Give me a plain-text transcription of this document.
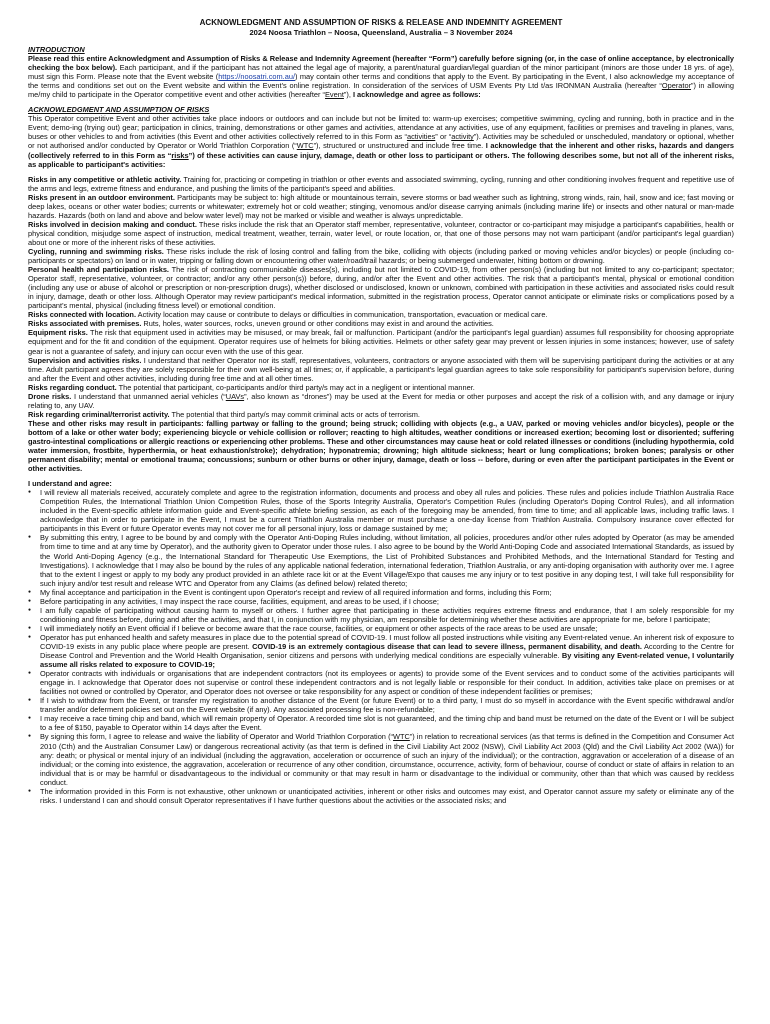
ACKNOWLEDGMENT AND ASSUMPTION OF RISKS & RELEASE AND INDEMNITY AGREEMENT
2024 Noosa Triathlon – Noosa, Queensland, Australia – 3 November 2024
INTRODUCTION

Please read this entire Acknowledgment and Assumption of Risks & Release and Indemnity Agreement (hereafter “Form”) carefully before signing (or, in the case of online acceptance, by electronically checking the box below). Each participant, and if the participant has not attained the legal age of majority, a parent/natural guardian/legal guardian of the minor participant (minors are those under 18 yrs. of age), must sign this Form. Please note that the Event website (https://noosatri.com.au/) may contain other terms and conditions that apply to the Event. By participating in the Event, I also acknowledge my acceptance of the terms and conditions set out on the Event website and within the Event's online registration. In consideration of the services of USM Events Pty Ltd t/as IRONMAN Australia (hereafter “Operator”) in allowing me/my child to participate in the Operator competitive event and other activities (hereafter “Event”), I acknowledge and agree as follows:

ACKNOWLEDGMENT AND ASSUMPTION OF RISKS

This Operator competitive Event and other activities take place indoors or outdoors and can include but not be limited to: warm-up exercises; competitive swimming, cycling and running, both in practice and in the Event; demo-ing (trying out) gear; participation in clinics, training, demonstrations or other games and activities, attendance at any activities, use of any equipment, facilities or premises and traveling in planes, vans, buses or other vehicles to and from activities (this Event and other activities collectively referred to in this Form as “activities” or “activity”). Activities may be scheduled or unscheduled, mandatory or optional, whether or not authorised and/or conducted by Operator or World Triathlon Corporation (“WTC”), structured or unstructured and include free time. I acknowledge that the inherent and other risks, hazards and dangers (collectively referred to in this Form as “risks”) of these activities can cause injury, damage, death or other loss to participant or others. The following describes some, but not all of the inherent risks, as applicable to participant's activities:

Risks in any competitive or athletic activity. Training for, practicing or competing in triathlon or other events and associated swimming, cycling, running and other conditioning involves frequent and repetitive use of the arms and legs, extreme fitness and endurance, and pushing the limits of the participant's speed and abilities.

Risks present in an outdoor environment. Participants may be subject to: high altitude or mountainous terrain, severe storms or bad weather such as lightning, strong winds, rain, hail, snow and ice; fast moving or deep lakes, oceans or other water bodies; currents or whitewater; extremely hot or cold weather; stinging, venomous and/or disease carrying animals (including marine life) or insects and other natural or man-made hazards. Hazards (both on land and above and below water level) may not be marked or visible and weather is always unpredictable.

Risks involved in decision making and conduct. These risks include the risk that an Operator staff member, representative, volunteer, contractor or co-participant may misjudge a participant's capabilities, health or physical condition, misjudge some aspect of instruction, medical treatment, weather, terrain, water level, or route location, or, that one of those persons may not warn participant (and/or participant's legal guardian) about one or more of the inherent risks of these activities.

Cycling, running and swimming risks. These risks include the risk of losing control and falling from the bike, colliding with objects (including parked or moving vehicles and/or bicycles) or people (including co-participants or spectators) on land or in water, tripping or falling down or encountering other water/road/trail hazards; or being submerged underwater, hitting bottom or drowning.

Personal health and participation risks. The risk of contracting communicable diseases(s), including but not limited to COVID-19, from other person(s) (including but not limited to any co-participant; spectator; Operator staff, representative, volunteer, or contractor; and/or any other person(s)) before, during, and/or after the Event and other activities. The risk that a participant's mental, physical or emotional condition (including any use or abuse of alcohol or prescription or non-prescription drugs), whether disclosed or undisclosed, known or unknown, combined with participation in these activities and associated risks could result in injury, damage, death or other loss. Although Operator may review participant's medical information, submitted in the registration process, Operator cannot anticipate or eliminate risks or complications posed by a participant's mental, physical (including fitness level) or emotional condition.

Risks connected with location. Activity location may cause or contribute to delays or difficulties in communication, transportation, evacuation or medical care.

Risks associated with premises. Ruts, holes, water sources, rocks, uneven ground or other conditions may exist in and around the activities.

Equipment risks. The risk that equipment used in activities may be misused, or may break, fail or malfunction. Participant (and/or the participant's legal guardian) assumes full responsibility for choosing appropriate equipment and for the fit and condition of the equipment. Operator requires use of helmets for biking activities. Helmets or other safety gear may prevent or lessen injuries in some instances; however, use of safety gear is not a guarantee of safety, and injury can occur even with the use of this gear.

Supervision and activities risks. I understand that neither Operator nor its staff, representatives, volunteers, contractors or anyone associated with them will be supervising participant during the activities or at any time. Adult participant agrees they are solely responsible for their own well-being at all times; or, if applicable, a participant's legal guardian agrees to take sole responsibility for participant's supervision before, during and after the Event and other activities, including during free time and at all other times.

Risks regarding conduct. The potential that participant, co-participants and/or third party/s may act in a negligent or intentional manner.

Drone risks. I understand that unmanned aerial vehicles (“UAVs”, also known as “drones”) may be used at the Event for media or other purposes and accept the risk of a collision with, and any damage or injury relating to, any UAV.

Risk regarding criminal/terrorist activity. The potential that third party/s may commit criminal acts or acts of terrorism.

These and other risks may result in participants: falling partway or falling to the ground; being struck; colliding with objects (e.g., a UAV, parked or moving vehicles and/or bicycles), people or the bottom of a lake or other water body; experiencing bicycle or vehicle collision or rollover; reacting to high altitudes, weather conditions or increased exertion; becoming lost or disoriented; suffering gastro-intestinal complications or allergic reactions or experiencing other problems. These and other circumstances may cause heat or cold related illnesses or conditions (including hypothermia, cold water immersion, frostbite, hyperthermia, or heat exhaustion/stroke); dehydration; hyponatremia; drowning; high altitude sickness; heart or lung complications; broken bones; paralysis or other permanent disability; mental or emotional trauma; concussions; sunburn or other burns or other injury, damage, death or loss -- before, during or even after the participant participates in the Event or other activities.

I understand and agree:
● I will review all materials received, accurately complete and agree to the registration information, documents and process and obey all rules and policies. These rules and policies include Triathlon Australia Race Competition Rules, the International Triathlon Union Competition Rules, those of the Sports Integrity Australia, Operator's Competition Rules (including Operator's Doping Control Rules), and all information included in the Event-specific athlete information guide and Event-specific athlete briefing session, as each of the foregoing may be amended, from time to time; and all applicable laws, including traffic laws. I acknowledge that in order to participate in the Event, I must be a current Triathlon Australia member or must purchase a one-day license from Triathlon Australia. Compulsory insurance cover effected for participants in this Event or future Operator events may not cover me for all personal injury, loss or damage sustained by me;
● By submitting this entry, I agree to be bound by and comply with the Operator Anti-Doping Rules including, without limitation, all policies, procedures and/or other rules adopted by Operator (as may be amended from time to time and at any time by Operator), and the authority given to Operator under those rules. I also agree to be bound by the World Anti-Doping Code and associated International Standards, as issued by the World Anti-Doping Agency (e.g., the International Standard for Therapeutic Use Exemptions, the List of Prohibited Substances and Prohibited Methods, and the International Standard for Testing and Investigations). I acknowledge that I may also be bound by the rules of any applicable national federation, international federation, Triathlon Australia, or any anti-doping organisation with authority over me. I agree that to the extent I ingest or apply to my body any product provided in an athlete race kit or at the Event Village/Expo that causes me any injury or to test positive in any doping test, I will take full responsibility for such injury and/or test result and release WTC and Operator from any Claims (as defined below) related thereto;
● My final acceptance and participation in the Event is contingent upon Operator's receipt and review of all required information and forms, including this Form;
● Before participating in any activities, I may inspect the race course, facilities, equipment, and areas to be used, if I choose;
● I am fully capable of participating without causing harm to myself or others. I further agree that participating in these activities requires extreme fitness and endurance, that I am solely responsible for my conditioning and fitness before, during and after the activities, and that I, in conjunction with my physician, am responsible for determining whether these activities are appropriate for me, before I participate;
● I will immediately notify an Event official if I believe or become aware that the race course, facilities, or equipment or other aspects of the race areas to be used are unsafe;
● Operator has put enhanced health and safety measures in place due to the potential spread of COVID-19. I must follow all posted instructions while visiting any Event-related venue. An inherent risk of exposure to COVID-19 exists in any public place where people are present. COVID-19 is an extremely contagious disease that can lead to severe illness, permanent disability, and death. According to the Centre for Disease Control and Prevention and the World Health Organisation, senior citizens and persons with underlying medical conditions are especially vulnerable. By visiting any Event-related venue, I voluntarily assume all risks related to exposure to COVID-19;
● Operator contracts with individuals or organisations that are independent contractors (not its employees or agents) to provide some of the Event services and to conduct some of the activities participants will engage in. I acknowledge that Operator does not supervise or control these independent contractors and is not legally liable or responsible for their conduct. In addition, activities take place on premises or at facilities not owned or controlled by Operator, and Operator does not oversee or take responsibility for any aspect or condition of these independent facilities or premises;
● If I wish to withdraw from the Event, or transfer my registration to another distance of the Event (or future Event) or to a third party, I must do so myself in accordance with the Event specific withdrawal and/or transfer and/or deferment policies set out on the Event website (if any). Any associated processing fee is non-refundable;
● I may receive a race timing chip and band, which will remain property of Operator. A recorded time slot is not guaranteed, and the timing chip and band must be returned on the date of the Event or I will be subject to a fee of $150, payable to Operator within 14 days after the Event.
● By signing this form, I agree to release and waive the liability of Operator and World Triathlon Corporation (“WTC”) in relation to recreational services (as that terms is defined in the Competition and Consumer Act 2010 (Cth) and the Australian Consumer Law) or dangerous recreational activity (as that term is defined in the Civil Liability Act 2002 (NSW), Civil Liability Act 2003 (Qld) and the Civil Liability Act 2002 (WA)) for any: death; or physical or mental injury of an individual (including the aggravation, acceleration or occurrence of such an injury of the individual); or the contraction, aggravation or acceleration of a disease of an individual; or the coming into existence, the aggravation, acceleration or recurrence of any other condition, circumstance, occurrence, activity, form of behaviour, course of conduct or state of affairs in relation to an individual that is or may be harmful or disadvantageous to the individual or community or that may result in harm or disadvantage to the individual or community, other than that which was caused by reckless conduct.
● The information provided in this Form is not exhaustive, other unknown or unanticipated activities, inherent or other risks and outcomes may exist, and Operator cannot assure my safety or eliminate any of the risks. I understand I can and should consult Operator representatives if I have further questions about the activities or the associated risks; and
